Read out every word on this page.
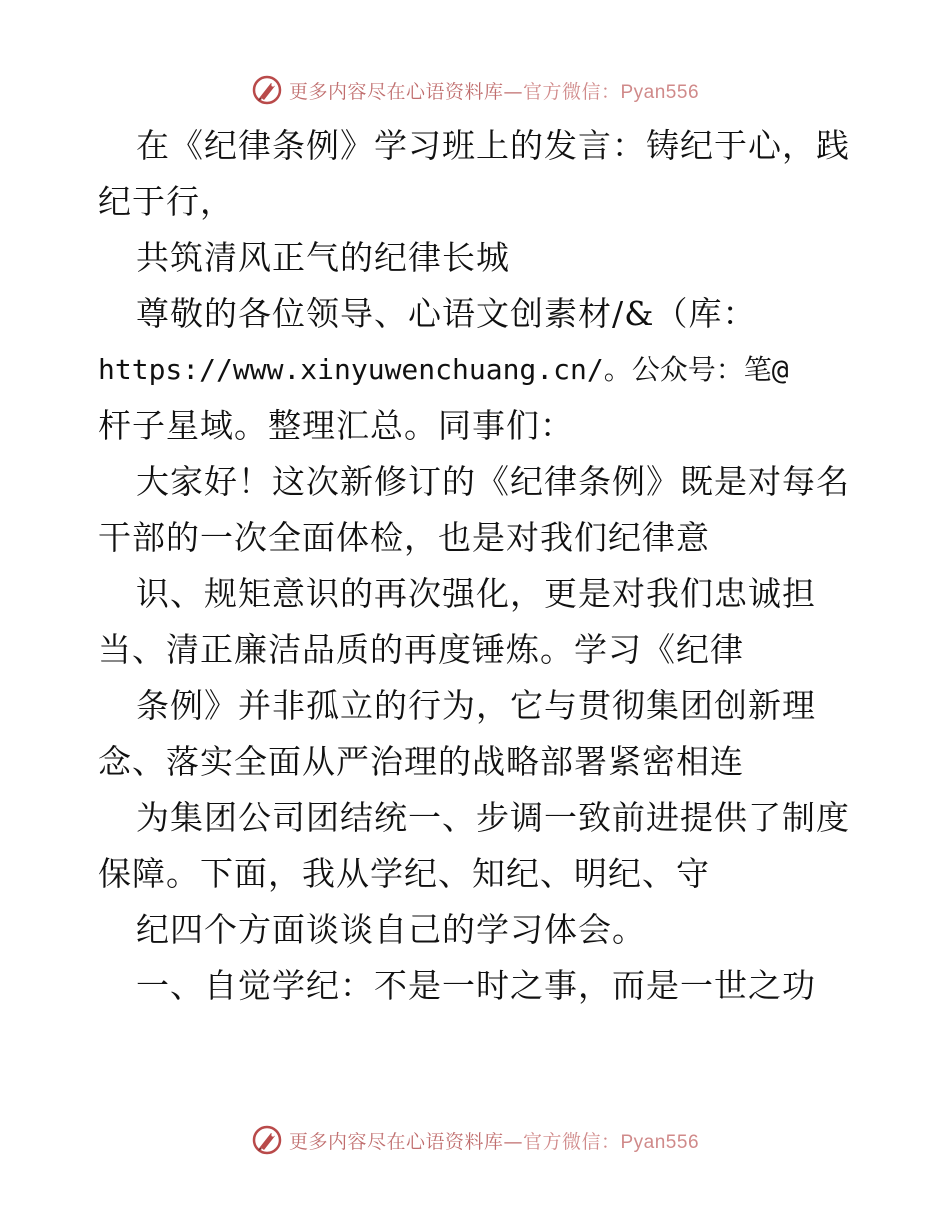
更多内容尽在心语资料库—官方微信：Pyan556
在《纪律条例》学习班上的发言：铸纪于心，践
纪于行，
共筑清风正气的纪律长城
尊敬的各位领导、心语文创素材/&（库：
https://www.xinyuwenchuang.cn/。公众号：笔@
杆子星域。整理汇总。同事们：
大家好！这次新修订的《纪律条例》既是对每名
干部的一次全面体检，也是对我们纪律意
识、规矩意识的再次强化，更是对我们忠诚担
当、清正廉洁品质的再度锤炼。学习《纪律
条例》并非孤立的行为，它与贯彻集团创新理
念、落实全面从严治理的战略部署紧密相连
为集团公司团结统一、步调一致前进提供了制度
保障。下面，我从学纪、知纪、明纪、守
纪四个方面谈谈自己的学习体会。
一、自觉学纪：不是一时之事，而是一世之功
更多内容尽在心语资料库—官方微信：Pyan556
